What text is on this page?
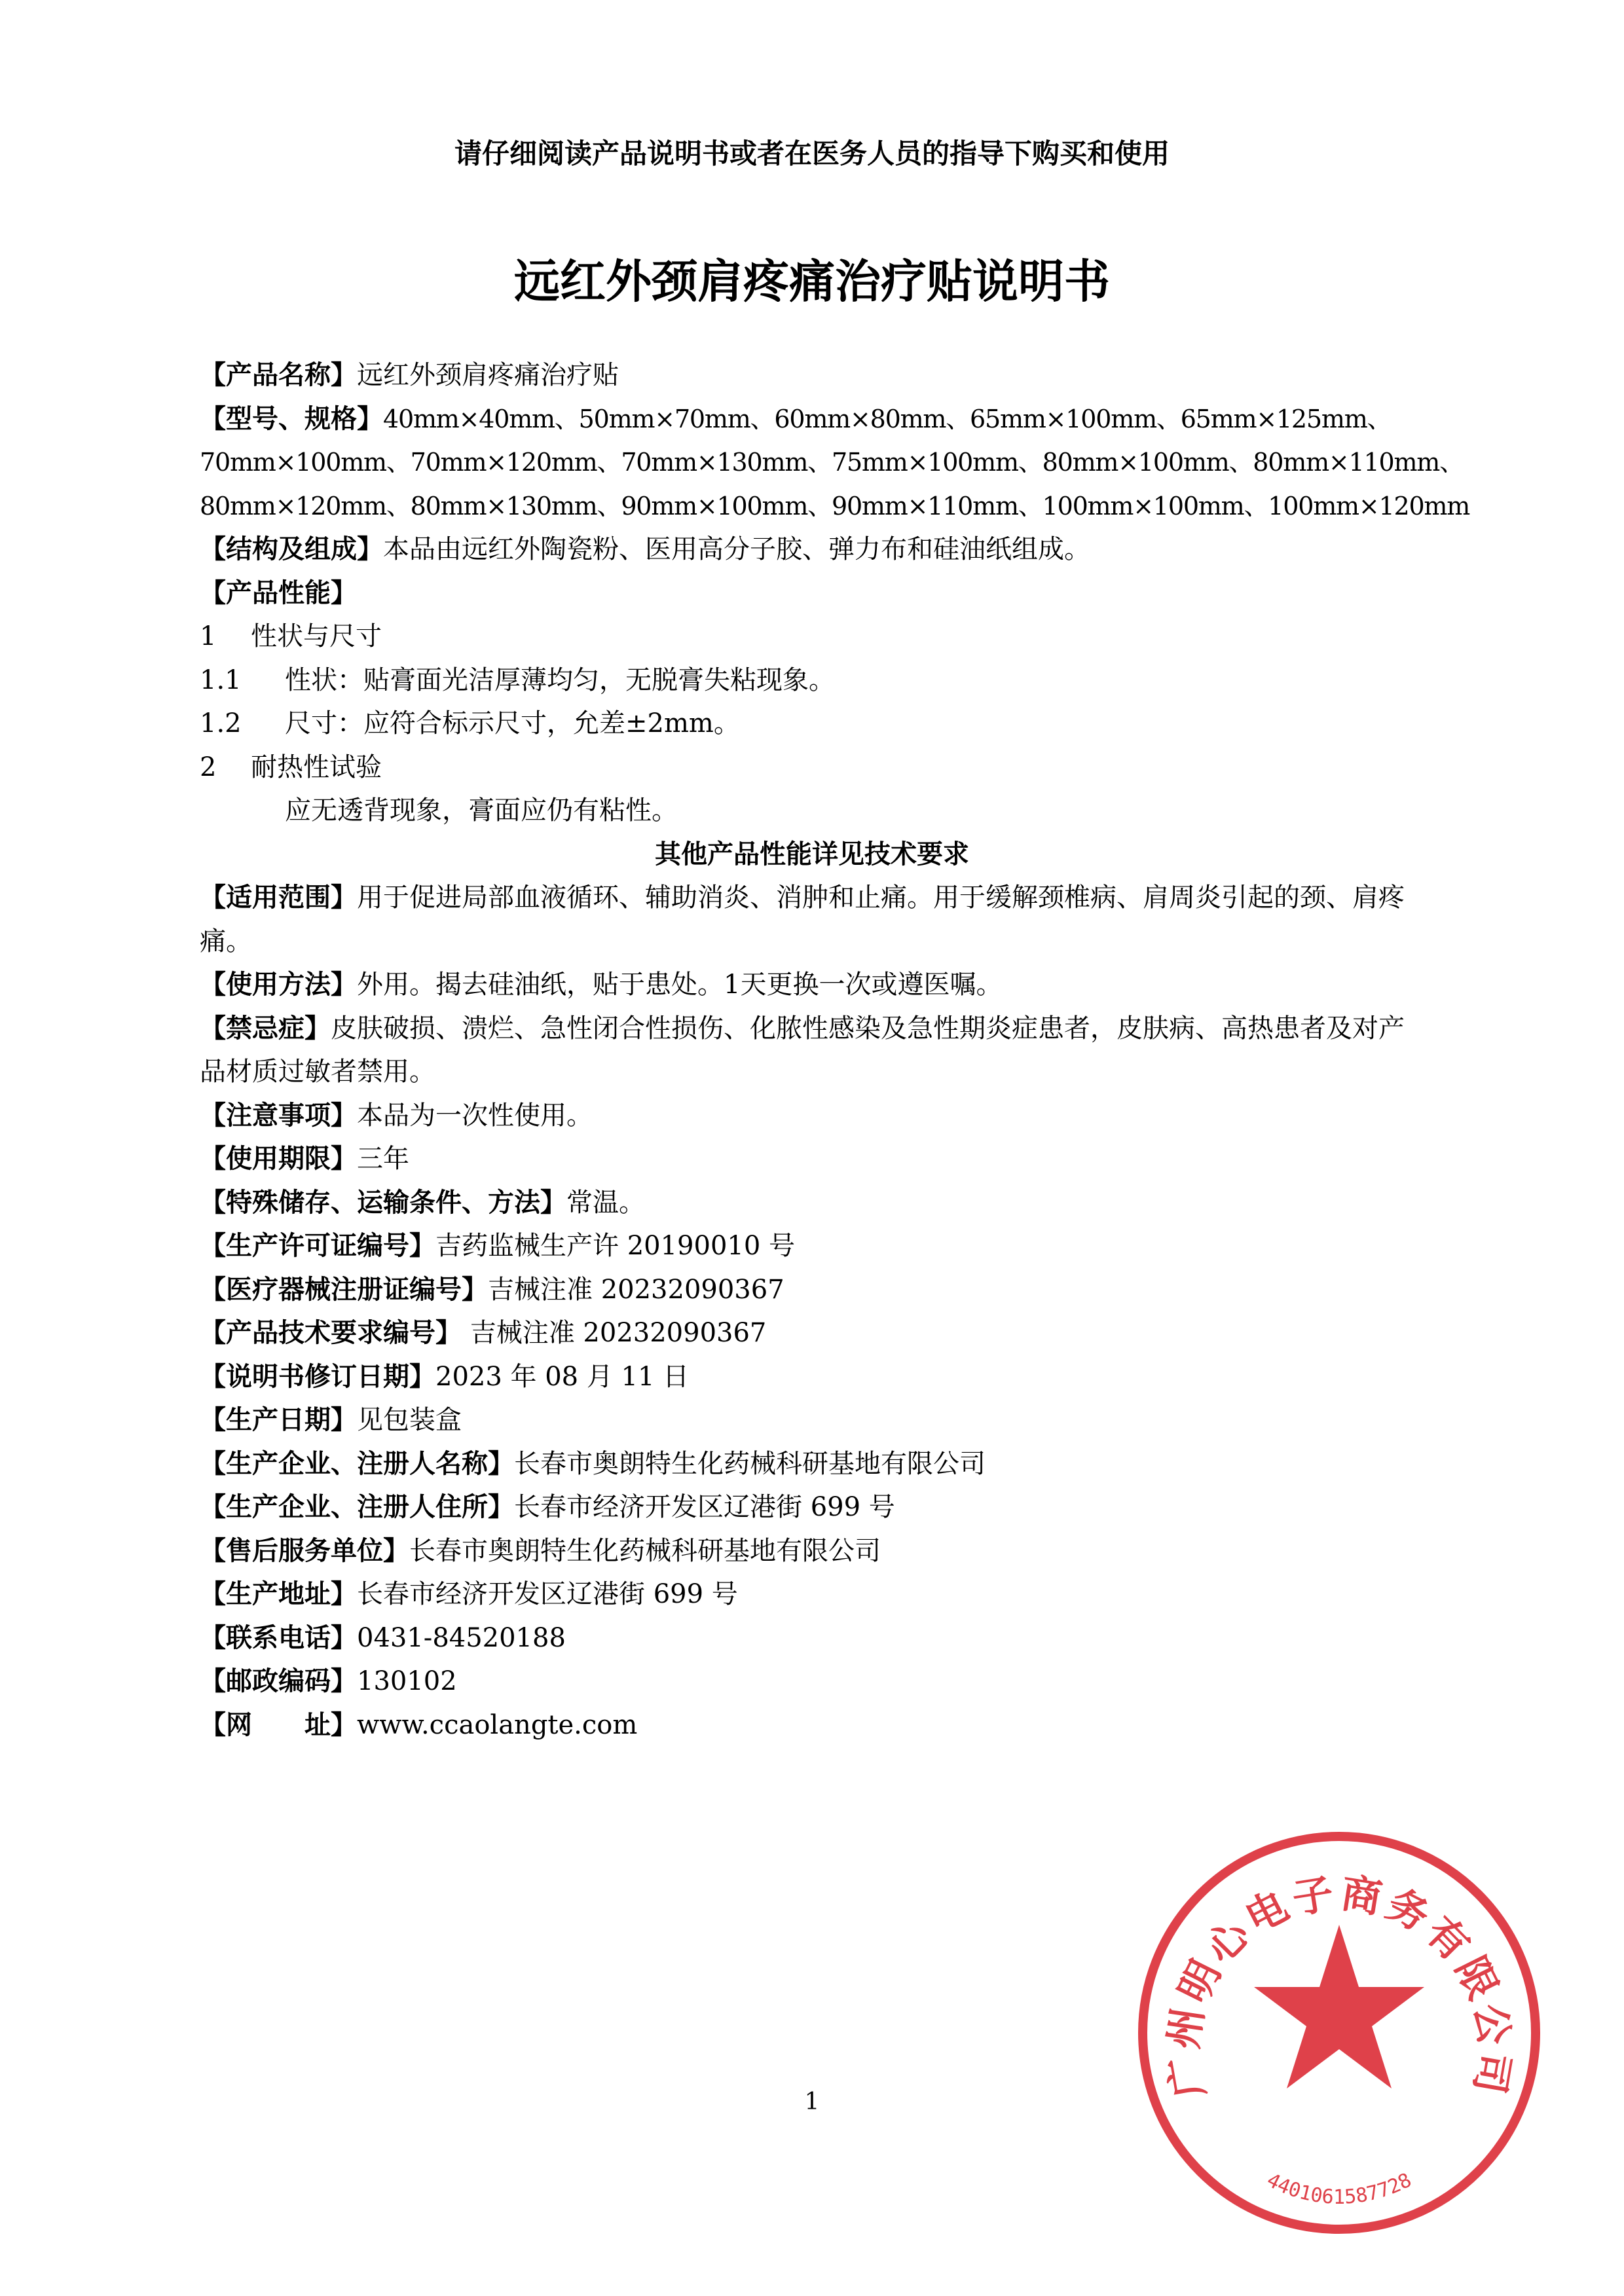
请仔细阅读产品说明书或者在医务人员的指导下购买和使用
远红外颈肩疼痛治疗贴说明书
【产品名称】远红外颈肩疼痛治疗贴
【型号、规格】40mm×40mm、50mm×70mm、60mm×80mm、65mm×100mm、65mm×125mm、
70mm×100mm、70mm×120mm、70mm×130mm、75mm×100mm、80mm×100mm、80mm×110mm、
80mm×120mm、80mm×130mm、90mm×100mm、90mm×110mm、100mm×100mm、100mm×120mm
【结构及组成】本品由远红外陶瓷粉、医用高分子胶、弹力布和硅油纸组成。
【产品性能】
1 性状与尺寸
1.1 性状：贴膏面光洁厚薄均匀，无脱膏失粘现象。
1.2 尺寸：应符合标示尺寸，允差±2mm。
2 耐热性试验
应无透背现象，膏面应仍有粘性。
其他产品性能详见技术要求
【适用范围】用于促进局部血液循环、辅助消炎、消肿和止痛。用于缓解颈椎病、肩周炎引起的颈、肩疼痛。
【使用方法】外用。揭去硅油纸，贴于患处。1天更换一次或遵医嘱。
【禁忌症】皮肤破损、溃烂、急性闭合性损伤、化脓性感染及急性期炎症患者，皮肤病、高热患者及对产品材质过敏者禁用。
【注意事项】本品为一次性使用。
【使用期限】三年
【特殊储存、运输条件、方法】常温。
【生产许可证编号】吉药监械生产许 20190010 号
【医疗器械注册证编号】吉械注准 20232090367
【产品技术要求编号】 吉械注准 20232090367
【说明书修订日期】2023 年 08 月 11 日
【生产日期】见包装盒
【生产企业、注册人名称】长春市奥朗特生化药械科研基地有限公司
【生产企业、注册人住所】长春市经济开发区辽港街 699 号
【售后服务单位】长春市奥朗特生化药械科研基地有限公司
【生产地址】长春市经济开发区辽港街 699 号
【联系电话】0431-84520188
【邮政编码】130102
【网　　址】www.ccaolangte.com
广州明心电子商务有限公司
4401061587728
1
